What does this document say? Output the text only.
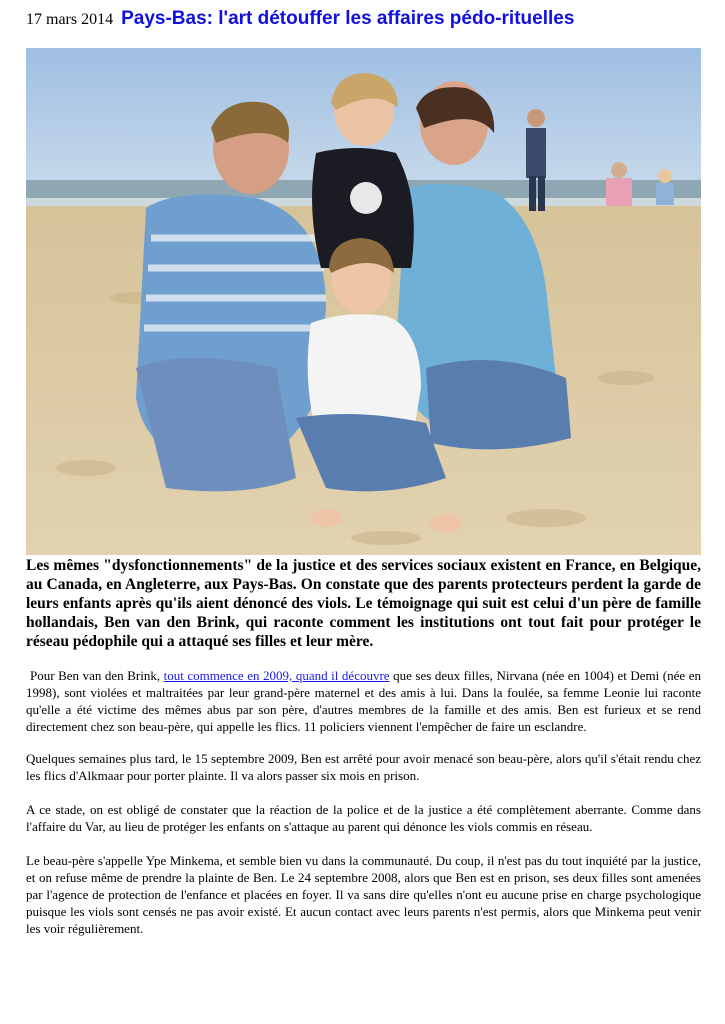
17 mars 2014 Pays-Bas: l'art détouffer les affaires pédo-rituelles

Les mêmes "dysfonctionnements" de la justice et des services sociaux existent en France, en Belgique, au Canada, en Angleterre, aux Pays-Bas. On constate que des parents protecteurs perdent la garde de leurs enfants après qu'ils aient dénoncé des viols. Le témoignage qui suit est celui d'un père de famille hollandais, Ben van den Brink, qui raconte comment les institutions ont tout fait pour protéger le réseau pédophile qui a attaqué ses filles et leur mère.

Pour Ben van den Brink, tout commence en 2009, quand il découvre que ses deux filles, Nirvana (née en 1004) et Demi (née en 1998), sont violées et maltraitées par leur grand-père maternel et des amis à lui. Dans la foulée, sa femme Leonie lui raconte qu'elle a été victime des mêmes abus par son père, d'autres membres de la famille et des amis. Ben est furieux et se rend directement chez son beau-père, qui appelle les flics. 11 policiers viennent l'empêcher de faire un esclandre.

Quelques semaines plus tard, le 15 septembre 2009, Ben est arrêté pour avoir menacé son beau-père, alors qu'il s'était rendu chez les flics d'Alkmaar pour porter plainte. Il va alors passer six mois en prison.

A ce stade, on est obligé de constater que la réaction de la police et de la justice a été complètement aberrante. Comme dans l'affaire du Var, au lieu de protéger les enfants on s'attaque au parent qui dénonce les viols commis en réseau.

Le beau-père s'appelle Ype Minkema, et semble bien vu dans la communauté. Du coup, il n'est pas du tout inquiété par la justice, et on refuse même de prendre la plainte de Ben. Le 24 septembre 2008, alors que Ben est en prison, ses deux filles sont amenées par l'agence de protection de l'enfance et placées en foyer. Il va sans dire qu'elles n'ont eu aucune prise en charge psychologique puisque les viols sont censés ne pas avoir existé. Et aucun contact avec leurs parents n'est permis, alors que Minkema peut venir les voir régulièrement.
